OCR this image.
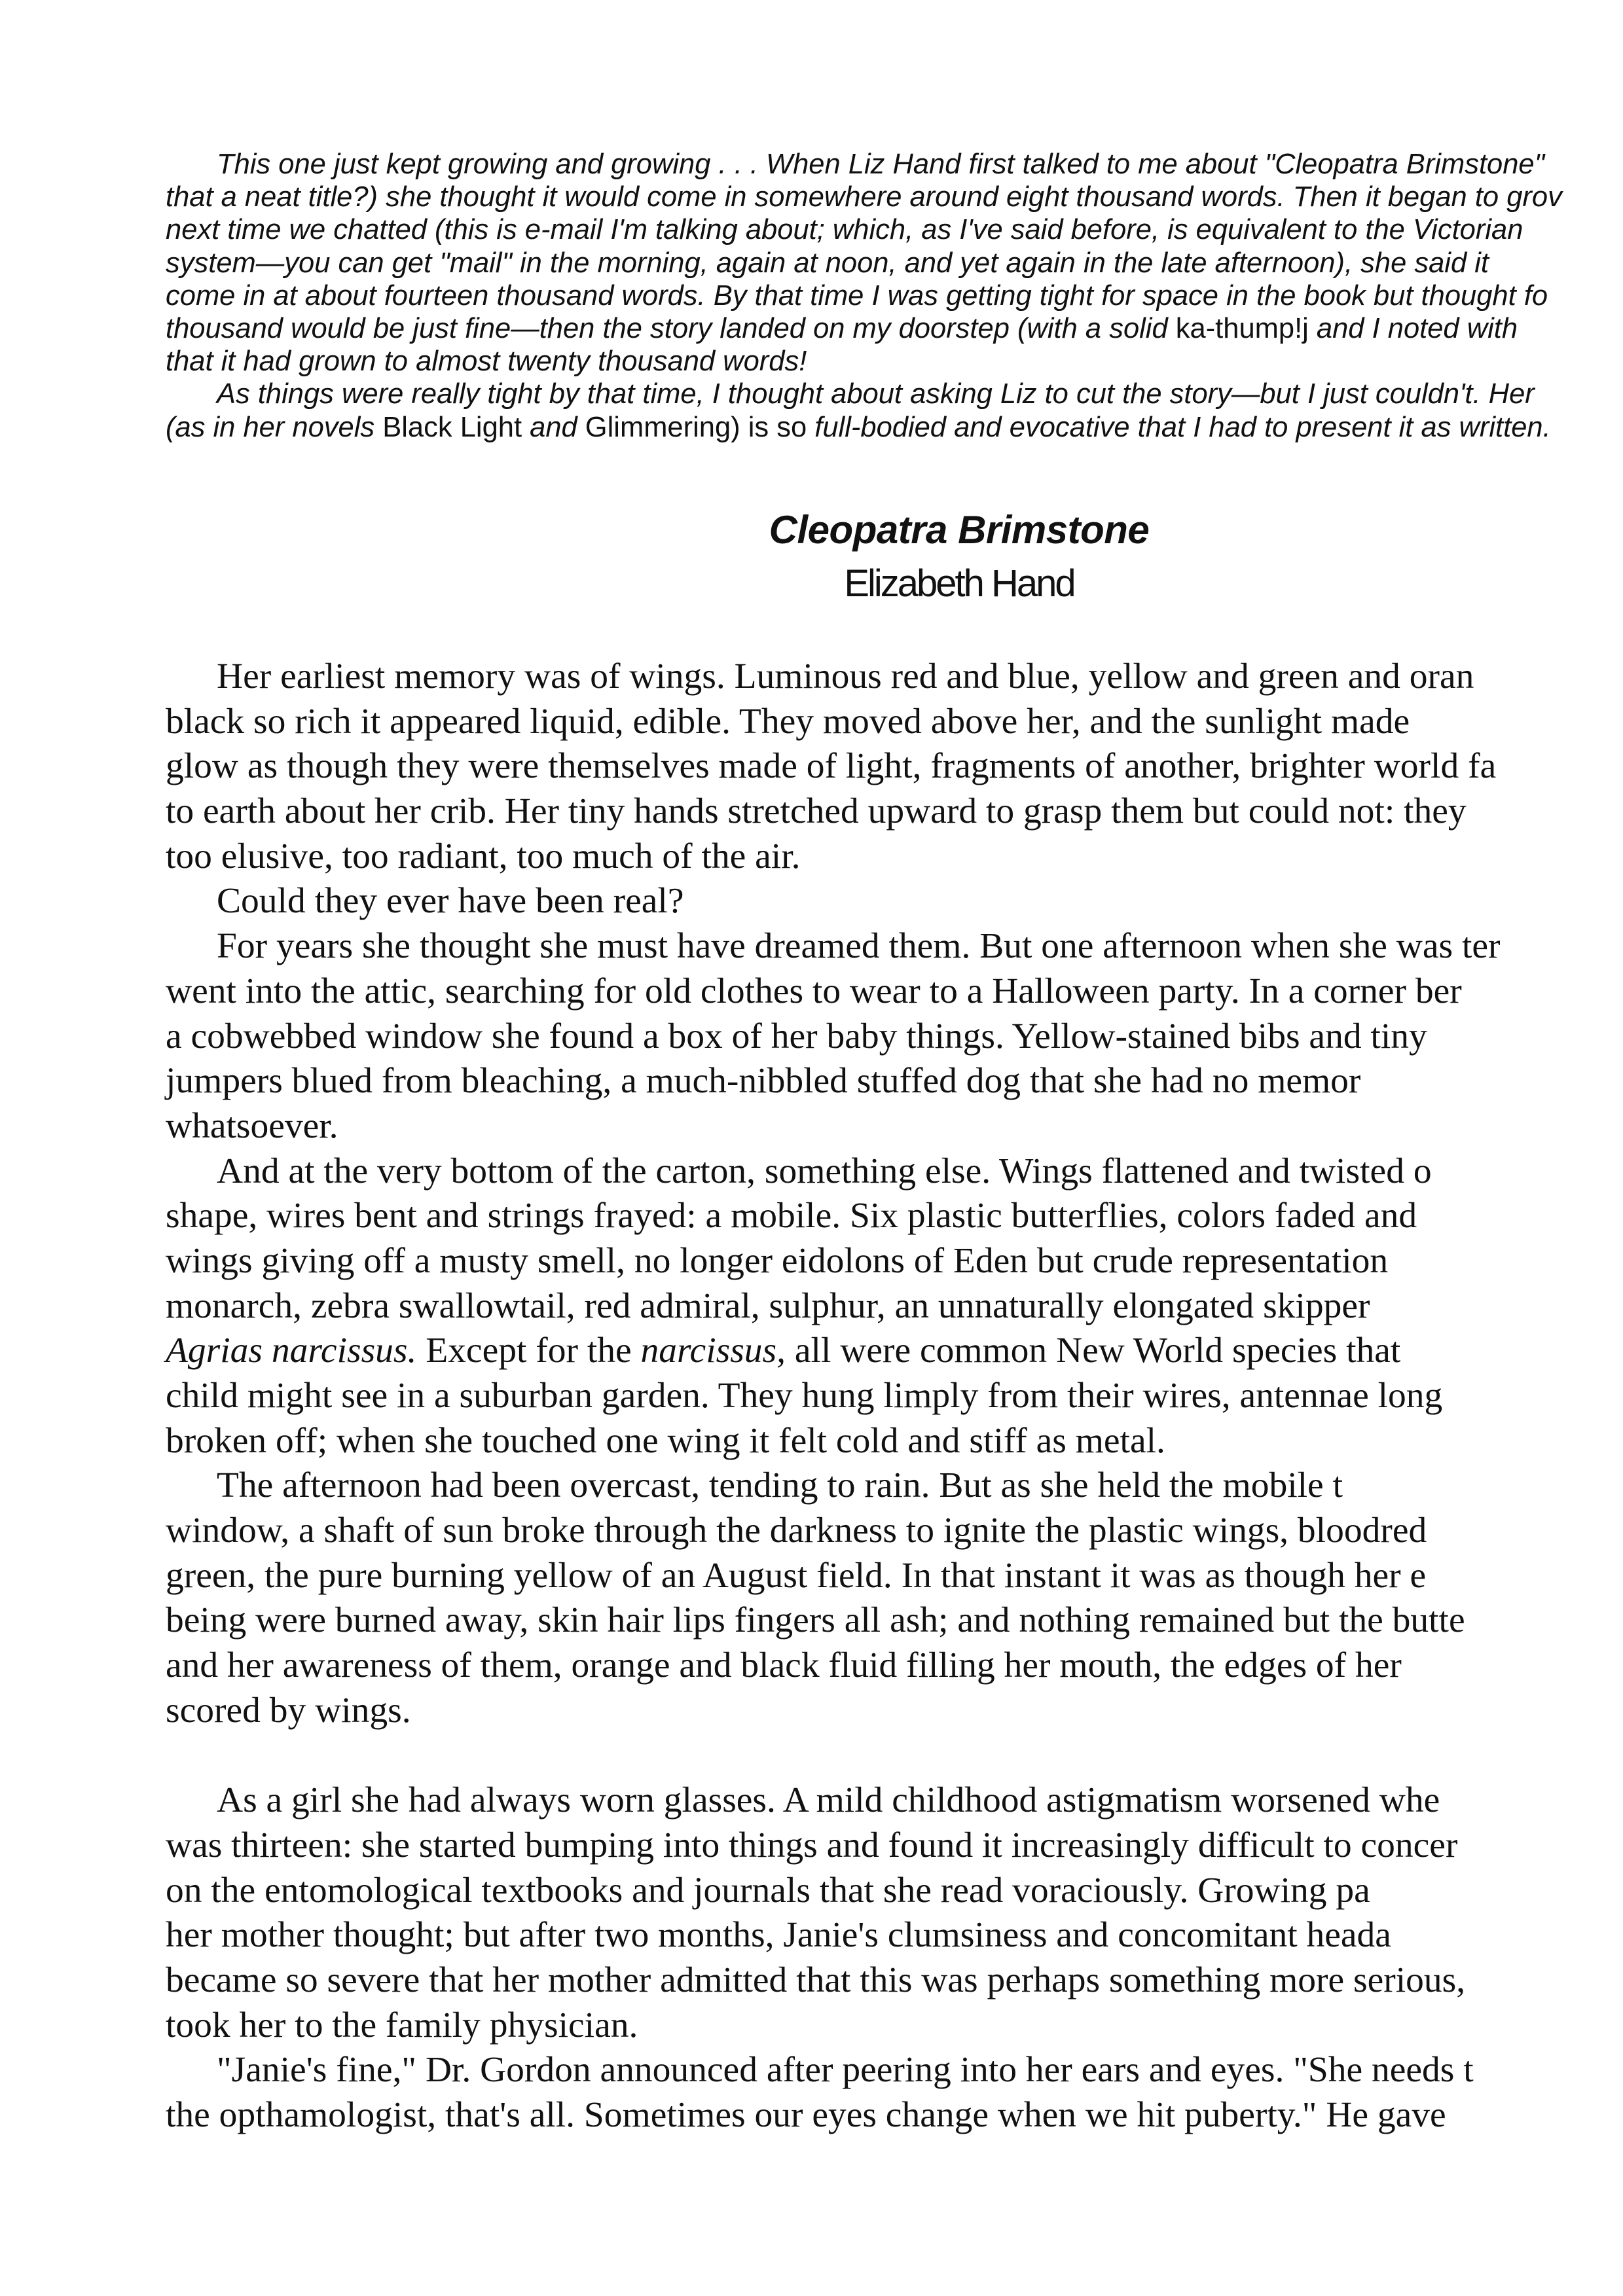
This one just kept growing and growing . . . When Liz Hand first talked to me about "Cleopatra Brimstone"
that a neat title?) she thought it would come in somewhere around eight thousand words. Then it began to grov
next time we chatted (this is e-mail I'm talking about; which, as I've said before, is equivalent to the Victorian
system—you can get "mail" in the morning, again at noon, and yet again in the late afternoon), she said it
come in at about fourteen thousand words. By that time I was getting tight for space in the book but thought fo
thousand would be just fine—then the story landed on my doorstep (with a solid ka-thump!j and I noted with
that it had grown to almost twenty thousand words!
As things were really tight by that time, I thought about asking Liz to cut the story—but I just couldn't. Her
(as in her novels Black Light and Glimmering) is so full-bodied and evocative that I had to present it as written.
Cleopatra Brimstone
Elizabeth Hand
Her earliest memory was of wings. Luminous red and blue, yellow and green and oran
black so rich it appeared liquid, edible. They moved above her, and the sunlight made
glow as though they were themselves made of light, fragments of another, brighter world fa
to earth about her crib. Her tiny hands stretched upward to grasp them but could not: they
too elusive, too radiant, too much of the air.
Could they ever have been real?
For years she thought she must have dreamed them. But one afternoon when she was ter
went into the attic, searching for old clothes to wear to a Halloween party. In a corner ber
a cobwebbed window she found a box of her baby things. Yellow-stained bibs and tiny
jumpers blued from bleaching, a much-nibbled stuffed dog that she had no memor
whatsoever.
And at the very bottom of the carton, something else. Wings flattened and twisted o
shape, wires bent and strings frayed: a mobile. Six plastic butterflies, colors faded and
wings giving off a musty smell, no longer eidolons of Eden but crude representation
monarch, zebra swallowtail, red admiral, sulphur, an unnaturally elongated skipper
Agrias narcissus. Except for the narcissus, all were common New World species that
child might see in a suburban garden. They hung limply from their wires, antennae long
broken off; when she touched one wing it felt cold and stiff as metal.
The afternoon had been overcast, tending to rain. But as she held the mobile t
window, a shaft of sun broke through the darkness to ignite the plastic wings, bloodred
green, the pure burning yellow of an August field. In that instant it was as though her e
being were burned away, skin hair lips fingers all ash; and nothing remained but the butte
and her awareness of them, orange and black fluid filling her mouth, the edges of her
scored by wings.
As a girl she had always worn glasses. A mild childhood astigmatism worsened whe
was thirteen: she started bumping into things and found it increasingly difficult to concer
on the entomological textbooks and journals that she read voraciously. Growing pa
her mother thought; but after two months, Janie's clumsiness and concomitant heada
became so severe that her mother admitted that this was perhaps something more serious,
took her to the family physician.
"Janie's fine," Dr. Gordon announced after peering into her ears and eyes. "She needs t
the opthamologist, that's all. Sometimes our eyes change when we hit puberty." He gave
